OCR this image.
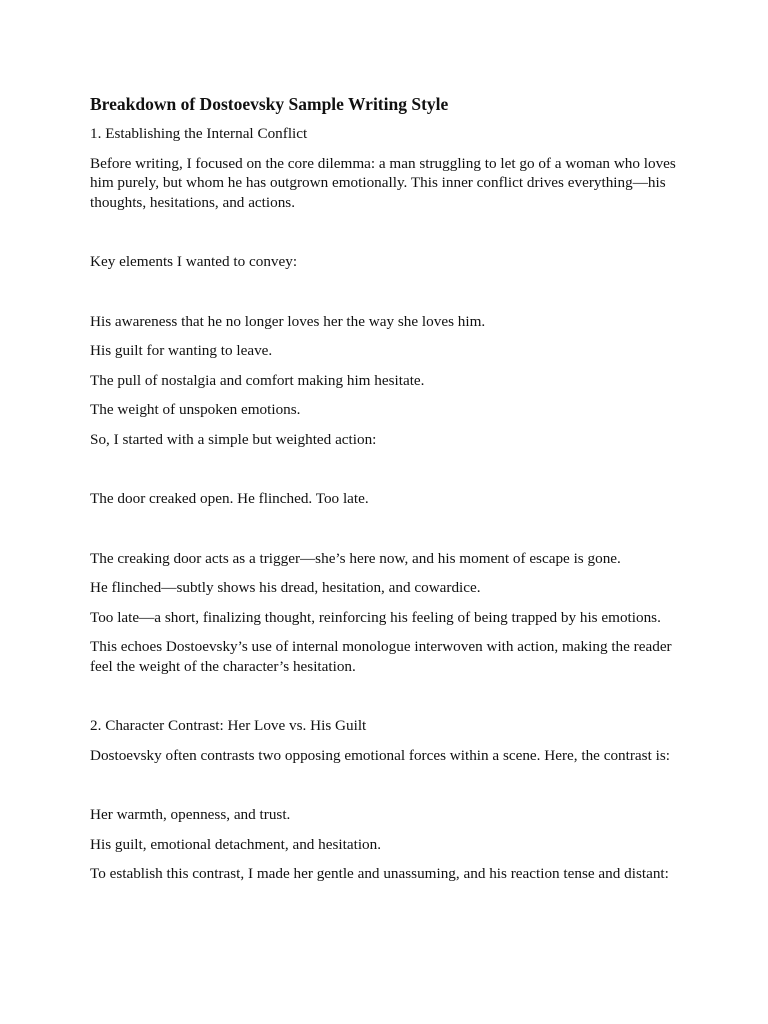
Breakdown of Dostoevsky Sample Writing Style

1. Establishing the Internal Conflict

Before writing, I focused on the core dilemma: a man struggling to let go of a woman who loves him purely, but whom he has outgrown emotionally. This inner conflict drives everything—his thoughts, hesitations, and actions.

Key elements I wanted to convey:

His awareness that he no longer loves her the way she loves him.

His guilt for wanting to leave.

The pull of nostalgia and comfort making him hesitate.

The weight of unspoken emotions.

So, I started with a simple but weighted action:

The door creaked open. He flinched. Too late.

The creaking door acts as a trigger—she’s here now, and his moment of escape is gone.

He flinched—subtly shows his dread, hesitation, and cowardice.

Too late—a short, finalizing thought, reinforcing his feeling of being trapped by his emotions.

This echoes Dostoevsky’s use of internal monologue interwoven with action, making the reader feel the weight of the character’s hesitation.

2. Character Contrast: Her Love vs. His Guilt

Dostoevsky often contrasts two opposing emotional forces within a scene. Here, the contrast is:

Her warmth, openness, and trust.

His guilt, emotional detachment, and hesitation.

To establish this contrast, I made her gentle and unassuming, and his reaction tense and distant:
